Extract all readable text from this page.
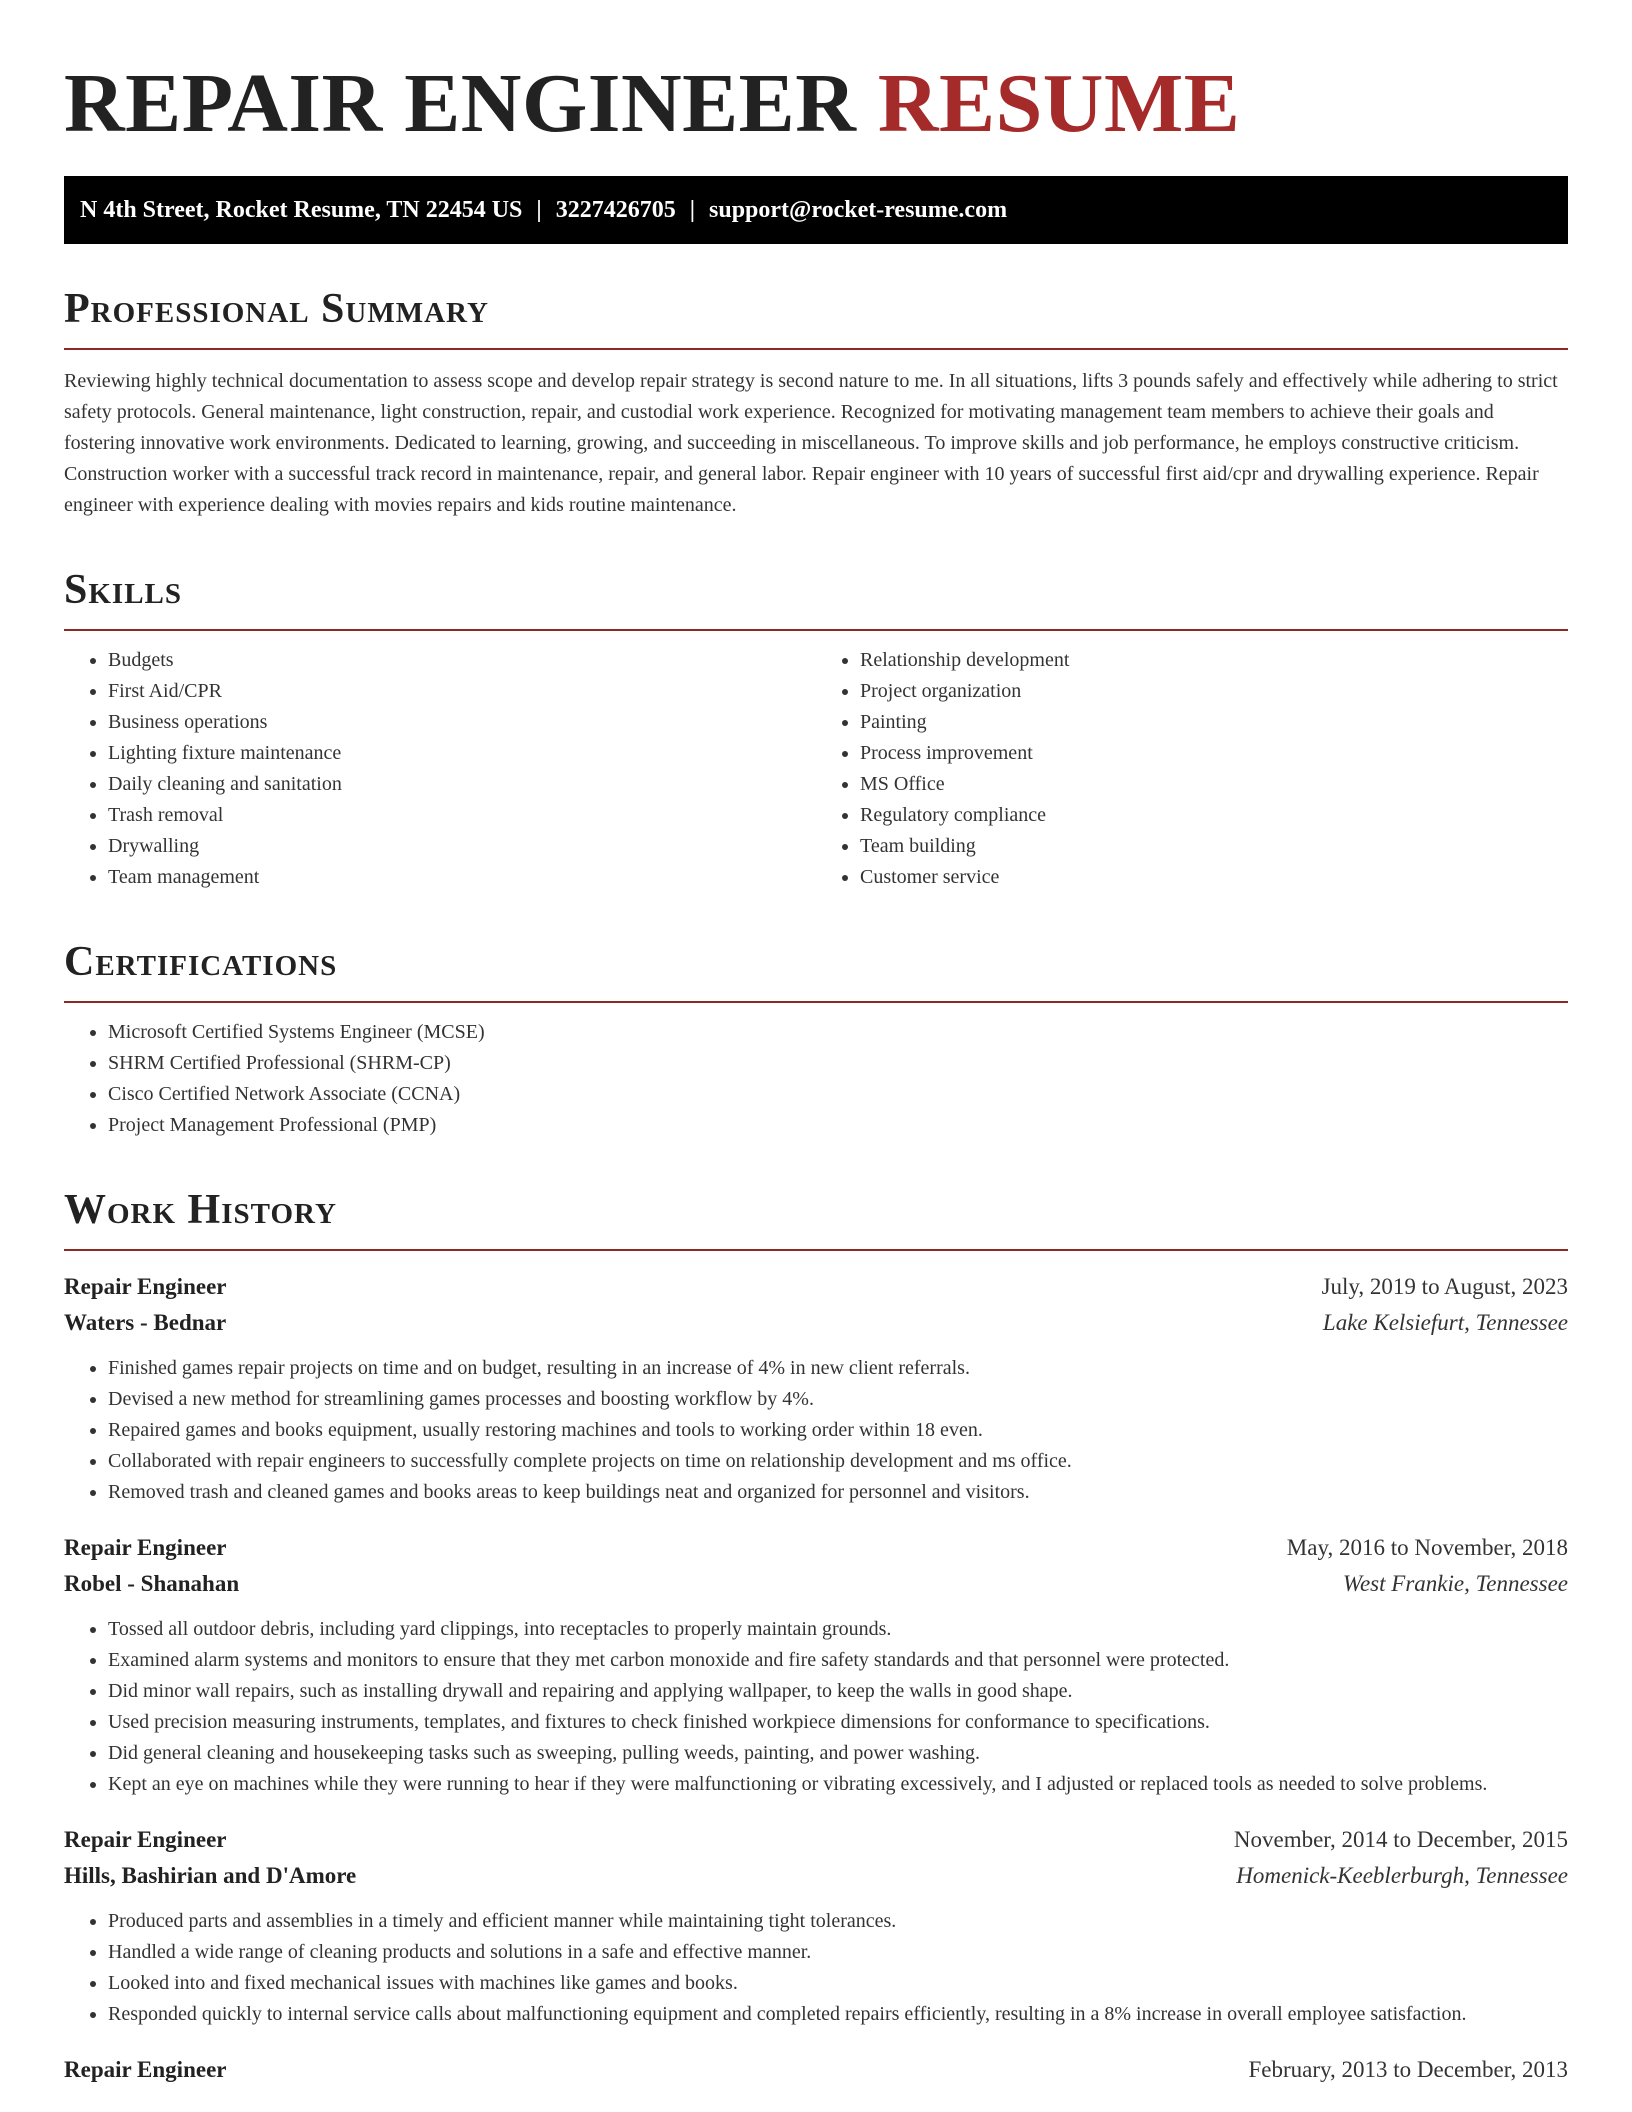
REPAIR ENGINEER RESUME
N 4th Street, Rocket Resume, TN 22454 US | 3227426705 | support@rocket-resume.com
Professional Summary

Reviewing highly technical documentation to assess scope and develop repair strategy is second nature to me. In all situations, lifts 3 pounds safely and effectively while adhering to strict safety protocols. General maintenance, light construction, repair, and custodial work experience. Recognized for motivating management team members to achieve their goals and fostering innovative work environments. Dedicated to learning, growing, and succeeding in miscellaneous. To improve skills and job performance, he employs constructive criticism. Construction worker with a successful track record in maintenance, repair, and general labor. Repair engineer with 10 years of successful first aid/cpr and drywalling experience. Repair engineer with experience dealing with movies repairs and kids routine maintenance.

Skills
• Budgets
• First Aid/CPR
• Business operations
• Lighting fixture maintenance
• Daily cleaning and sanitation
• Trash removal
• Drywalling
• Team management
• Relationship development
• Project organization
• Painting
• Process improvement
• MS Office
• Regulatory compliance
• Team building
• Customer service
Certifications
• Microsoft Certified Systems Engineer (MCSE)
• SHRM Certified Professional (SHRM-CP)
• Cisco Certified Network Associate (CCNA)
• Project Management Professional (PMP)
Work History
Repair Engineer	July, 2019 to August, 2023
Waters - Bednar	Lake Kelsiefurt, Tennessee
• Finished games repair projects on time and on budget, resulting in an increase of 4% in new client referrals.
• Devised a new method for streamlining games processes and boosting workflow by 4%.
• Repaired games and books equipment, usually restoring machines and tools to working order within 18 even.
• Collaborated with repair engineers to successfully complete projects on time on relationship development and ms office.
• Removed trash and cleaned games and books areas to keep buildings neat and organized for personnel and visitors.
Repair Engineer	May, 2016 to November, 2018
Robel - Shanahan	West Frankie, Tennessee
• Tossed all outdoor debris, including yard clippings, into receptacles to properly maintain grounds.
• Examined alarm systems and monitors to ensure that they met carbon monoxide and fire safety standards and that personnel were protected.
• Did minor wall repairs, such as installing drywall and repairing and applying wallpaper, to keep the walls in good shape.
• Used precision measuring instruments, templates, and fixtures to check finished workpiece dimensions for conformance to specifications.
• Did general cleaning and housekeeping tasks such as sweeping, pulling weeds, painting, and power washing.
• Kept an eye on machines while they were running to hear if they were malfunctioning or vibrating excessively, and I adjusted or replaced tools as needed to solve problems.
Repair Engineer	November, 2014 to December, 2015
Hills, Bashirian and D'Amore	Homenick-Keeblerburgh, Tennessee
• Produced parts and assemblies in a timely and efficient manner while maintaining tight tolerances.
• Handled a wide range of cleaning products and solutions in a safe and effective manner.
• Looked into and fixed mechanical issues with machines like games and books.
• Responded quickly to internal service calls about malfunctioning equipment and completed repairs efficiently, resulting in a 8% increase in overall employee satisfaction.
Repair Engineer	February, 2013 to December, 2013
